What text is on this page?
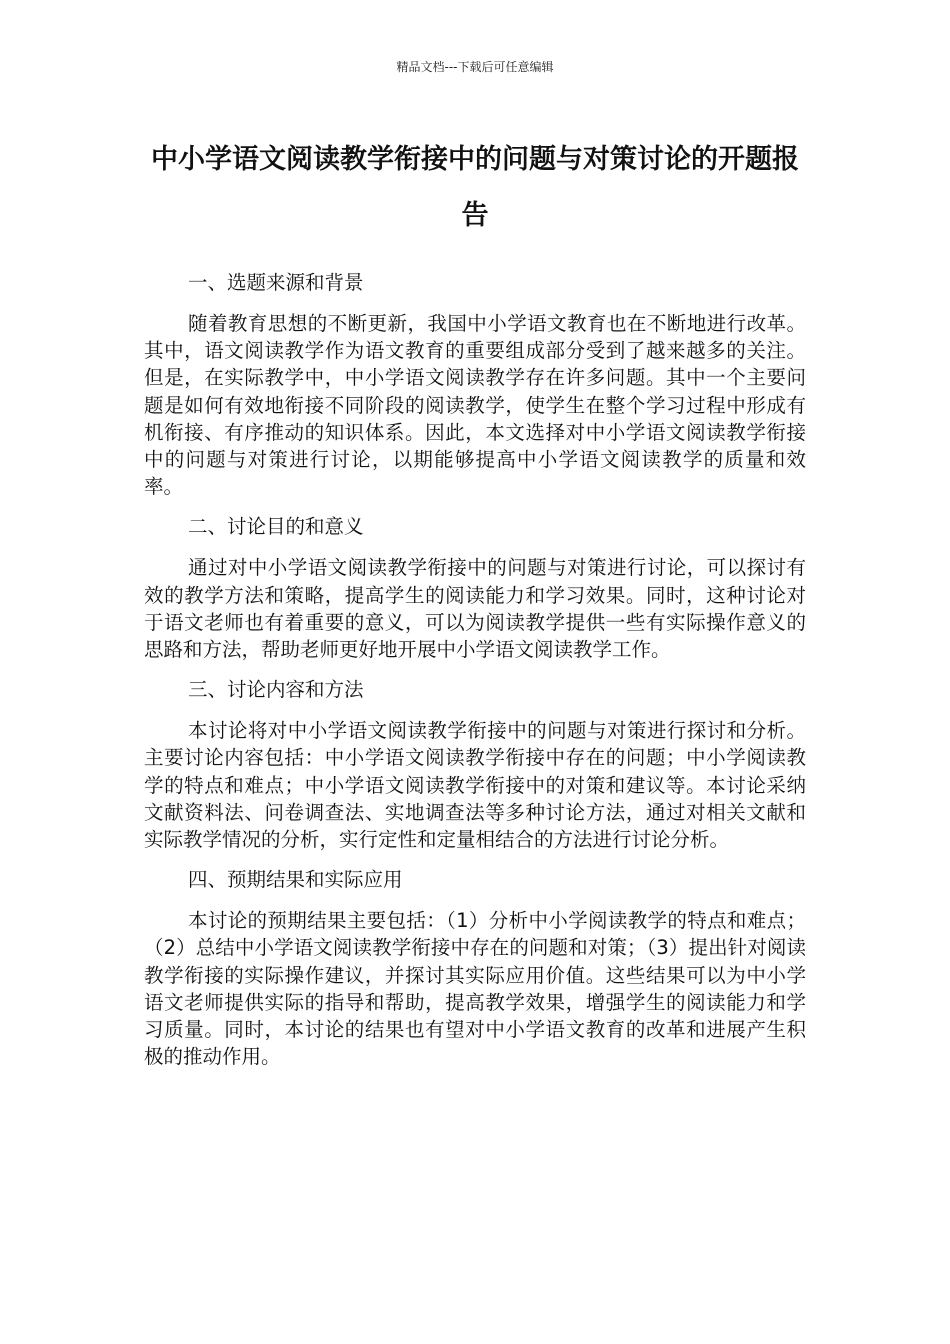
精品文档---下载后可任意编辑
中小学语文阅读教学衔接中的问题与对策讨论的开题报告
一、选题来源和背景
随着教育思想的不断更新，我国中小学语文教育也在不断地进行改革。其中，语文阅读教学作为语文教育的重要组成部分受到了越来越多的关注。但是，在实际教学中，中小学语文阅读教学存在许多问题。其中一个主要问题是如何有效地衔接不同阶段的阅读教学，使学生在整个学习过程中形成有机衔接、有序推动的知识体系。因此，本文选择对中小学语文阅读教学衔接中的问题与对策进行讨论，以期能够提高中小学语文阅读教学的质量和效率。
二、讨论目的和意义
通过对中小学语文阅读教学衔接中的问题与对策进行讨论，可以探讨有效的教学方法和策略，提高学生的阅读能力和学习效果。同时，这种讨论对于语文老师也有着重要的意义，可以为阅读教学提供一些有实际操作意义的思路和方法，帮助老师更好地开展中小学语文阅读教学工作。
三、讨论内容和方法
本讨论将对中小学语文阅读教学衔接中的问题与对策进行探讨和分析。主要讨论内容包括：中小学语文阅读教学衔接中存在的问题；中小学阅读教学的特点和难点；中小学语文阅读教学衔接中的对策和建议等。本讨论采纳文献资料法、问卷调查法、实地调查法等多种讨论方法，通过对相关文献和实际教学情况的分析，实行定性和定量相结合的方法进行讨论分析。
四、预期结果和实际应用
本讨论的预期结果主要包括：（1）分析中小学阅读教学的特点和难点；（2）总结中小学语文阅读教学衔接中存在的问题和对策；（3）提出针对阅读教学衔接的实际操作建议，并探讨其实际应用价值。这些结果可以为中小学语文老师提供实际的指导和帮助，提高教学效果，增强学生的阅读能力和学习质量。同时，本讨论的结果也有望对中小学语文教育的改革和进展产生积极的推动作用。
